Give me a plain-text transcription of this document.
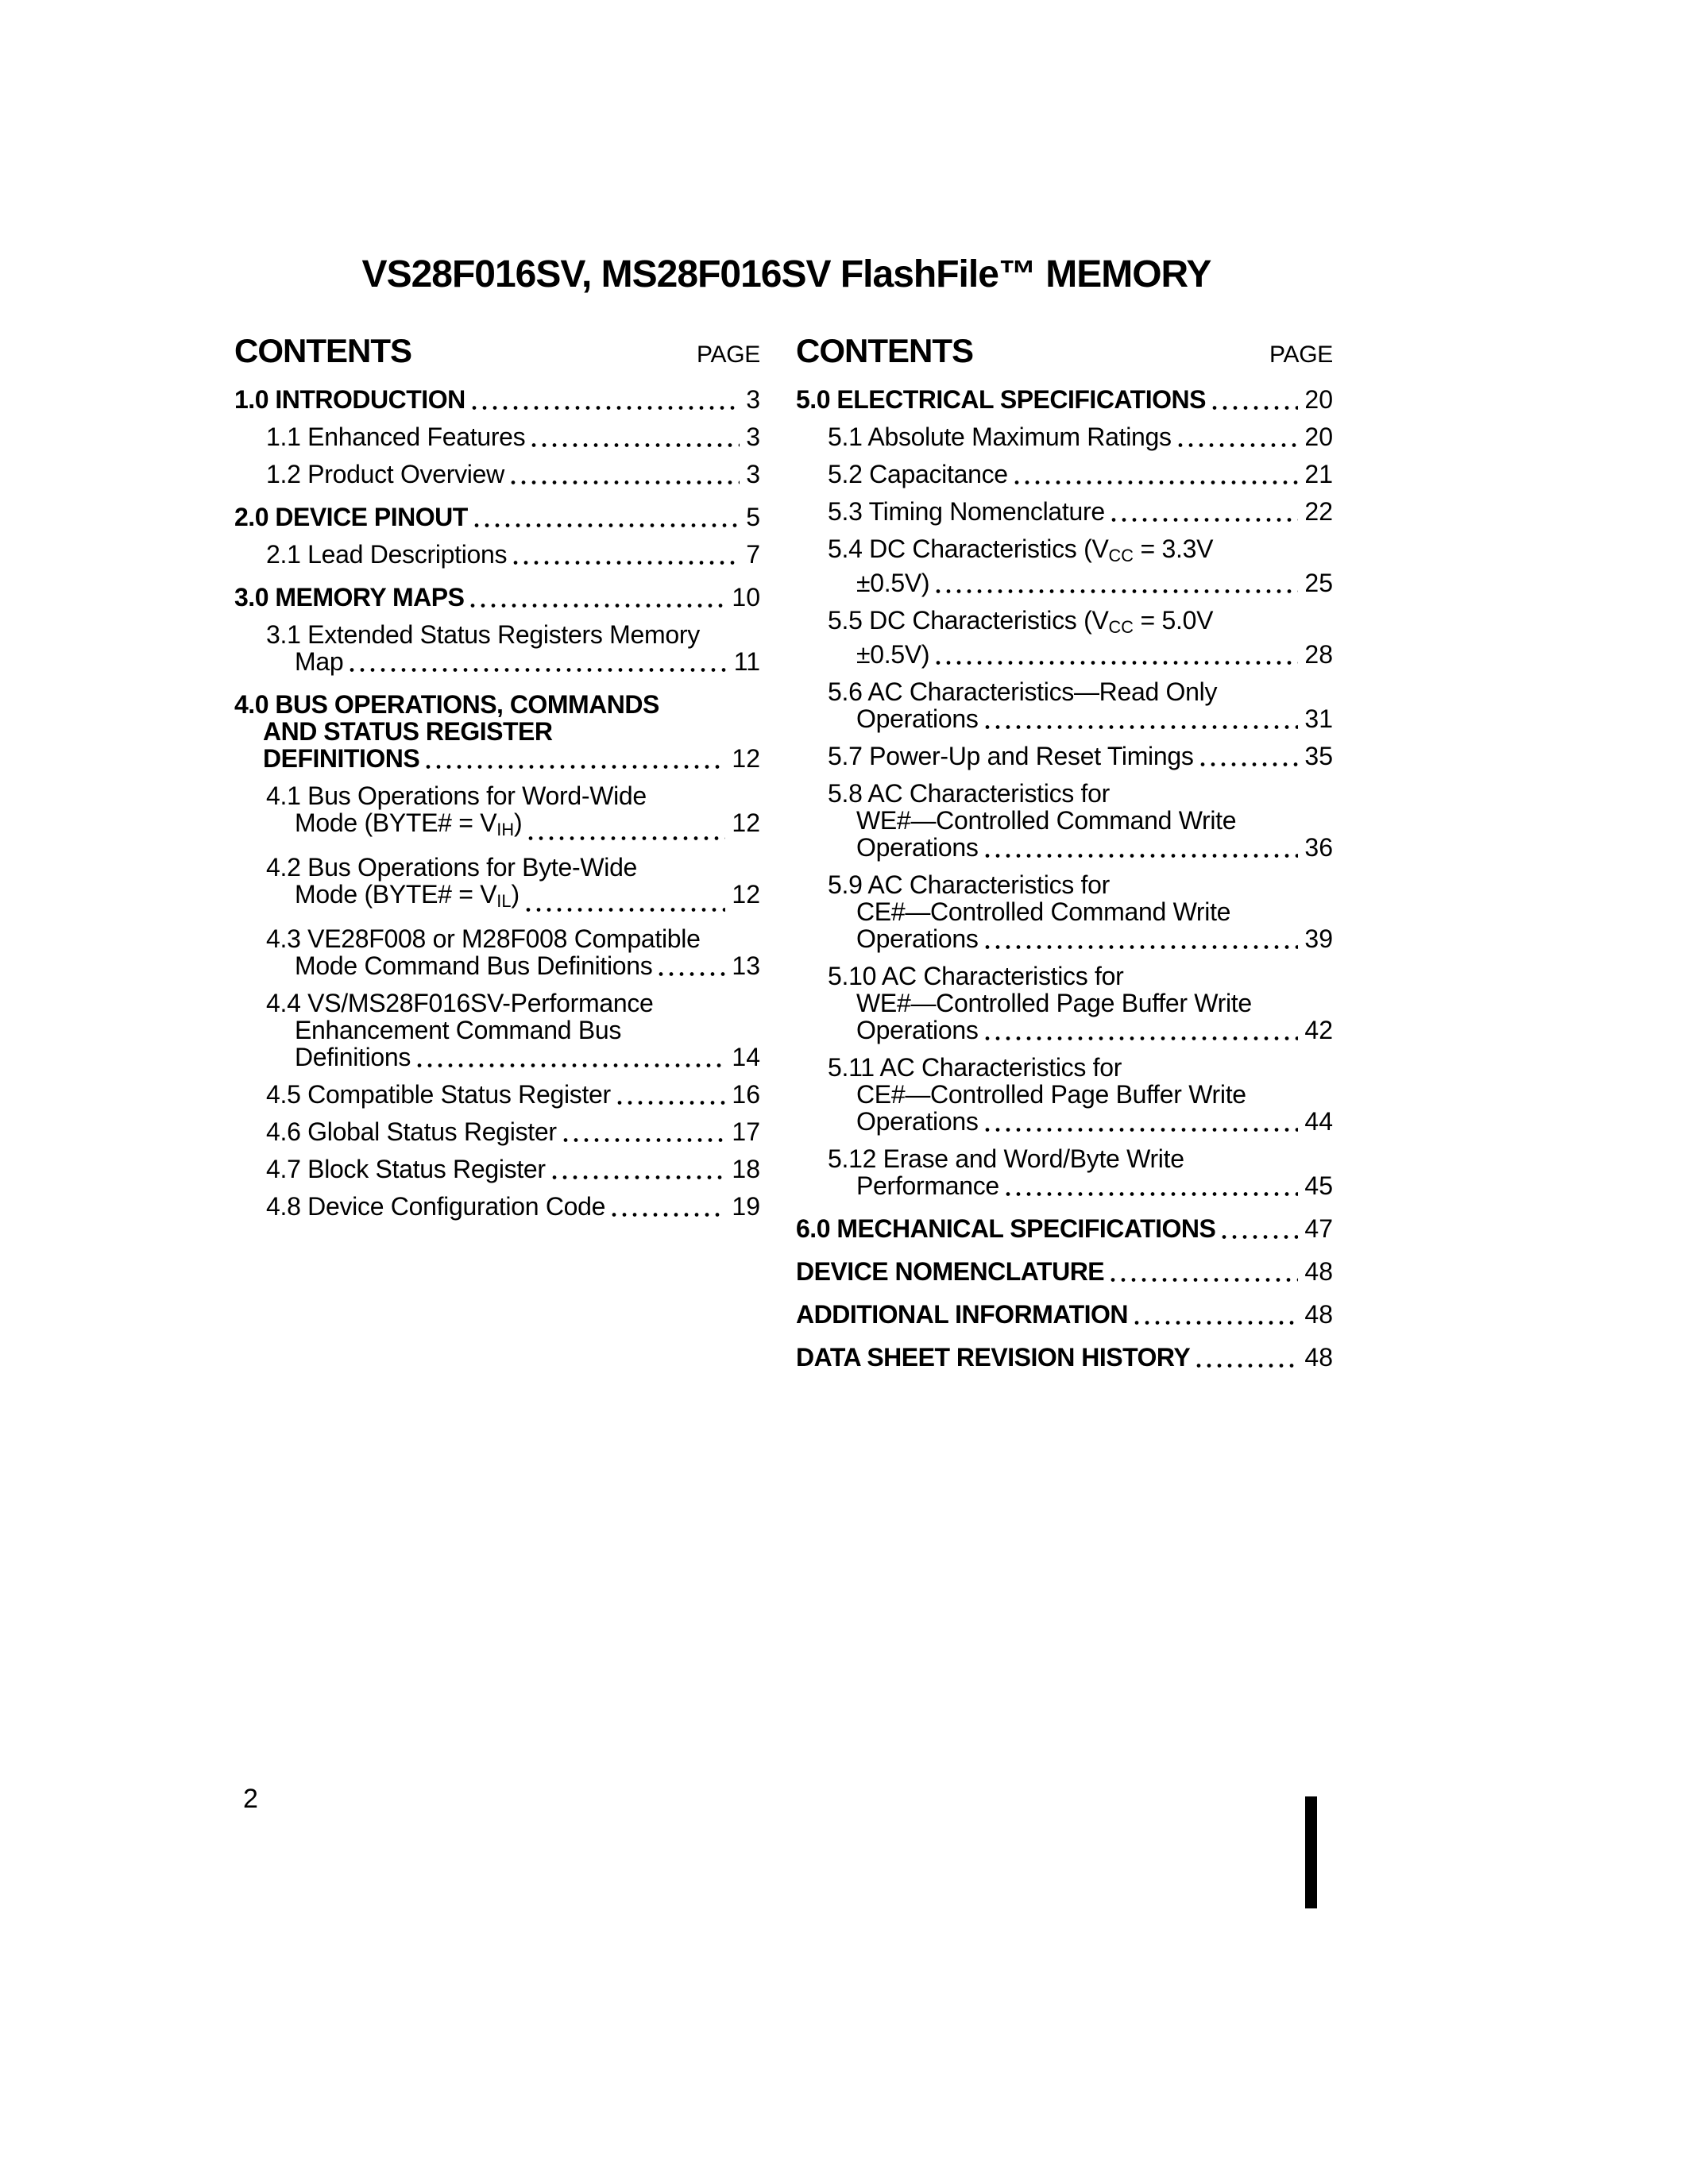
VS28F016SV, MS28F016SV FlashFile™ MEMORY
CONTENTS	PAGE
1.0 INTRODUCTION	3
1.1 Enhanced Features	3
1.2 Product Overview	3
2.0 DEVICE PINOUT	5
2.1 Lead Descriptions	7
3.0 MEMORY MAPS	10
3.1 Extended Status Registers Memory
Map	11
4.0 BUS OPERATIONS, COMMANDS
AND STATUS REGISTER
DEFINITIONS	12
4.1 Bus Operations for Word-Wide
Mode (BYTE# = $V_{IH}$)	12
4.2 Bus Operations for Byte-Wide
Mode (BYTE# = $V_{IL}$)	12
4.3 VE28F008 or M28F008 Compatible
Mode Command Bus Definitions	13
4.4 VS/MS28F016SV-Performance
Enhancement Command Bus
Definitions	14
4.5 Compatible Status Register	16
4.6 Global Status Register	17
4.7 Block Status Register	18
4.8 Device Configuration Code	19
CONTENTS	PAGE
5.0 ELECTRICAL SPECIFICATIONS	20
5.1 Absolute Maximum Ratings	20
5.2 Capacitance	21
5.3 Timing Nomenclature	22
5.4 DC Characteristics ($V_{CC} = 3.3V$
±0.5V)	25
5.5 DC Characteristics ($V_{CC} = 5.0V$
±0.5V)	28
5.6 AC Characteristics—Read Only
Operations	31
5.7 Power-Up and Reset Timings	35
5.8 AC Characteristics for
WE#—Controlled Command Write
Operations	36
5.9 AC Characteristics for
CE#—Controlled Command Write
Operations	39
5.10 AC Characteristics for
WE#—Controlled Page Buffer Write
Operations	42
5.11 AC Characteristics for
CE#—Controlled Page Buffer Write
Operations	44
5.12 Erase and Word/Byte Write
Performance	45
6.0 MECHANICAL SPECIFICATIONS	47
DEVICE NOMENCLATURE	48
ADDITIONAL INFORMATION	48
DATA SHEET REVISION HISTORY	48
2
